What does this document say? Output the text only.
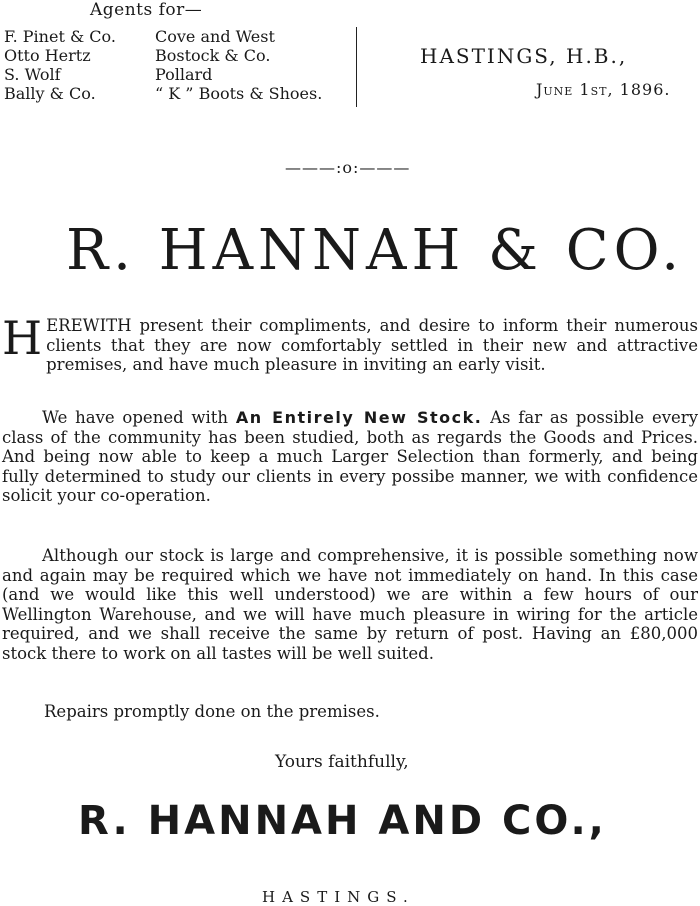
Agents for—
F. Pinet & Co.
Otto Hertz
S. Wolf
Bally & Co.
Cove and West
Bostock & Co.
Pollard
“ K ” Boots & Shoes.
HASTINGS, H.B.,
June 1st, 1896.
———:o:———
R. HANNAH & CO.

HEREWITH present their compliments, and desire to inform their numerous clients that they are now comfortably settled in their new and attractive premises, and have much pleasure in inviting an early visit.

We have opened with An Entirely New Stock. As far as possible every class of the community has been studied, both as regards the Goods and Prices. And being now able to keep a much Larger Selection than formerly, and being fully determined to study our clients in every possibe manner, we with confidence solicit your co-operation.

Although our stock is large and comprehensive, it is possible something now and again may be required which we have not immediately on hand. In this case (and we would like this well understood) we are within a few hours of our Wellington Warehouse, and we will have much pleasure in wiring for the article required, and we shall receive the same by return of post. Having an £80,000 stock there to work on all tastes will be well suited.

Repairs promptly done on the premises.
Yours faithfully,
R. HANNAH AND CO.,
HASTINGS.
